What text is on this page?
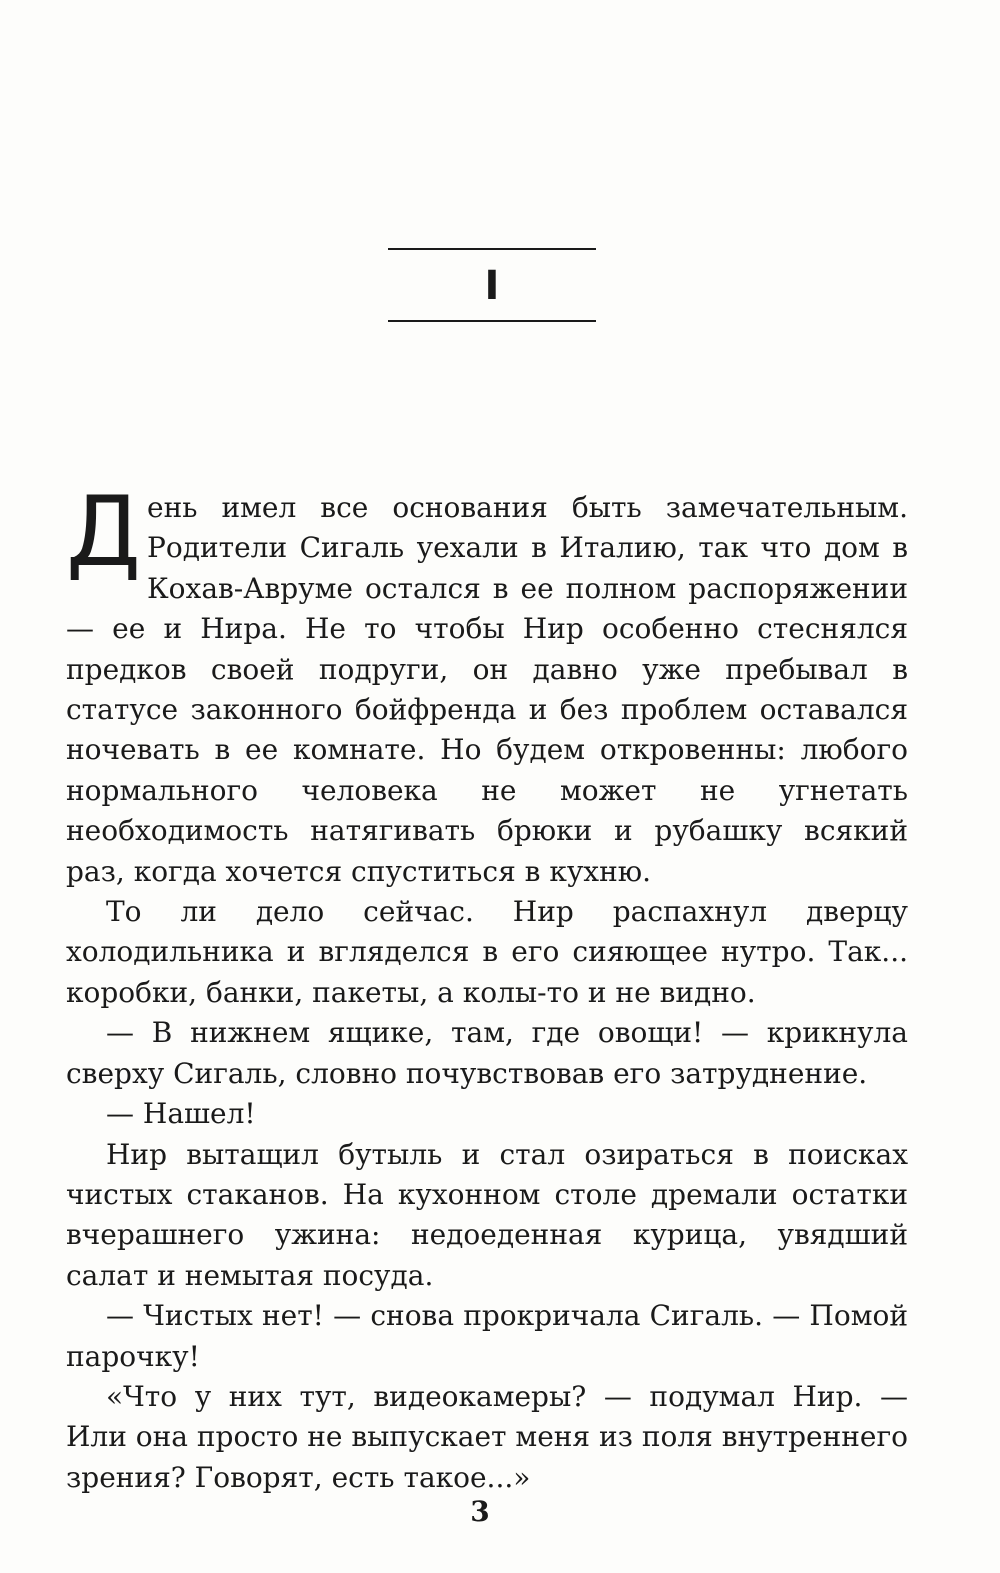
I

День имел все основания быть замечательным. Родители Сигаль уехали в Италию, так что дом в Кохав-Авруме остался в ее полном распоряжении — ее и Нира. Не то чтобы Нир особенно стеснялся предков своей подруги, он давно уже пребывал в статусе законного бойфренда и без проблем оставался ночевать в ее комнате. Но будем откровенны: любого нормального человека не может не угнетать необходимость натягивать брюки и рубашку всякий раз, когда хочется спуститься в кухню.

То ли дело сейчас. Нир распахнул дверцу холодильника и вгляделся в его сияющее нутро. Так... коробки, банки, пакеты, а колы-то и не видно.

— В нижнем ящике, там, где овощи! — крикнула сверху Сигаль, словно почувствовав его затруднение.

— Нашел!

Нир вытащил бутыль и стал озираться в поисках чистых стаканов. На кухонном столе дремали остатки вчерашнего ужина: недоеденная курица, увядший салат и немытая посуда.

— Чистых нет! — снова прокричала Сигаль. — Помой парочку!

«Что у них тут, видеокамеры? — подумал Нир. — Или она просто не выпускает меня из поля внутреннего зрения? Говорят, есть такое...»

3
